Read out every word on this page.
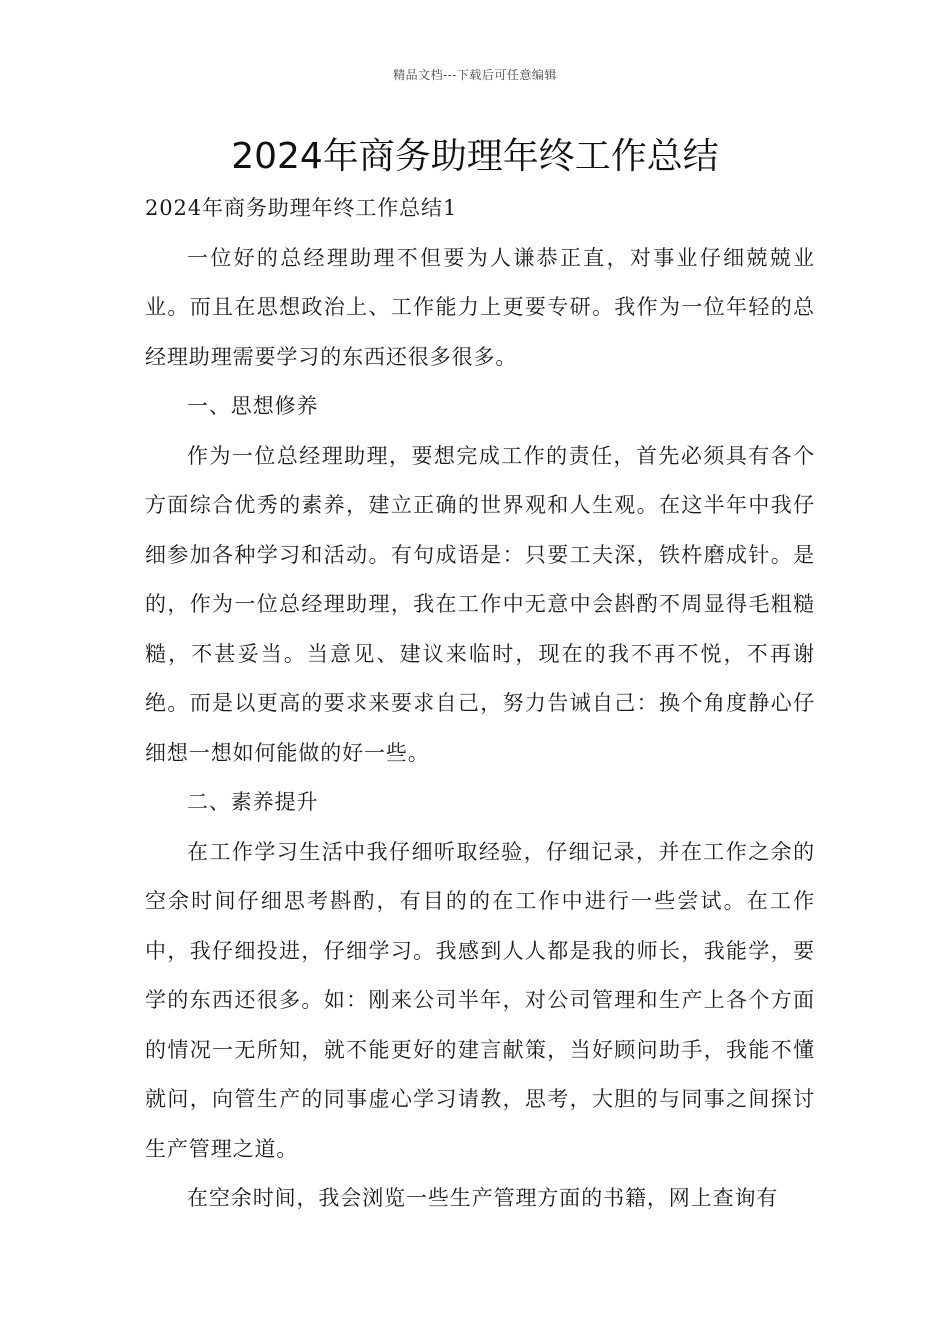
精品文档---下载后可任意编辑
2024年商务助理年终工作总结

2024年商务助理年终工作总结1

一位好的总经理助理不但要为人谦恭正直，对事业仔细兢兢业业。而且在思想政治上、工作能力上更要专研。我作为一位年轻的总经理助理需要学习的东西还很多很多。

一、思想修养

作为一位总经理助理，要想完成工作的责任，首先必须具有各个方面综合优秀的素养，建立正确的世界观和人生观。在这半年中我仔细参加各种学习和活动。有句成语是：只要工夫深，铁杵磨成针。是的，作为一位总经理助理，我在工作中无意中会斟酌不周显得毛粗糙糙，不甚妥当。当意见、建议来临时，现在的我不再不悦，不再谢绝。而是以更高的要求来要求自己，努力告诫自己：换个角度静心仔细想一想如何能做的好一些。

二、素养提升

在工作学习生活中我仔细听取经验，仔细记录，并在工作之余的空余时间仔细思考斟酌，有目的的在工作中进行一些尝试。在工作中，我仔细投进，仔细学习。我感到人人都是我的师长，我能学，要学的东西还很多。如：刚来公司半年，对公司管理和生产上各个方面的情况一无所知，就不能更好的建言献策，当好顾问助手，我能不懂就问，向管生产的同事虚心学习请教，思考，大胆的与同事之间探讨生产管理之道。

在空余时间，我会浏览一些生产管理方面的书籍，网上查询有
